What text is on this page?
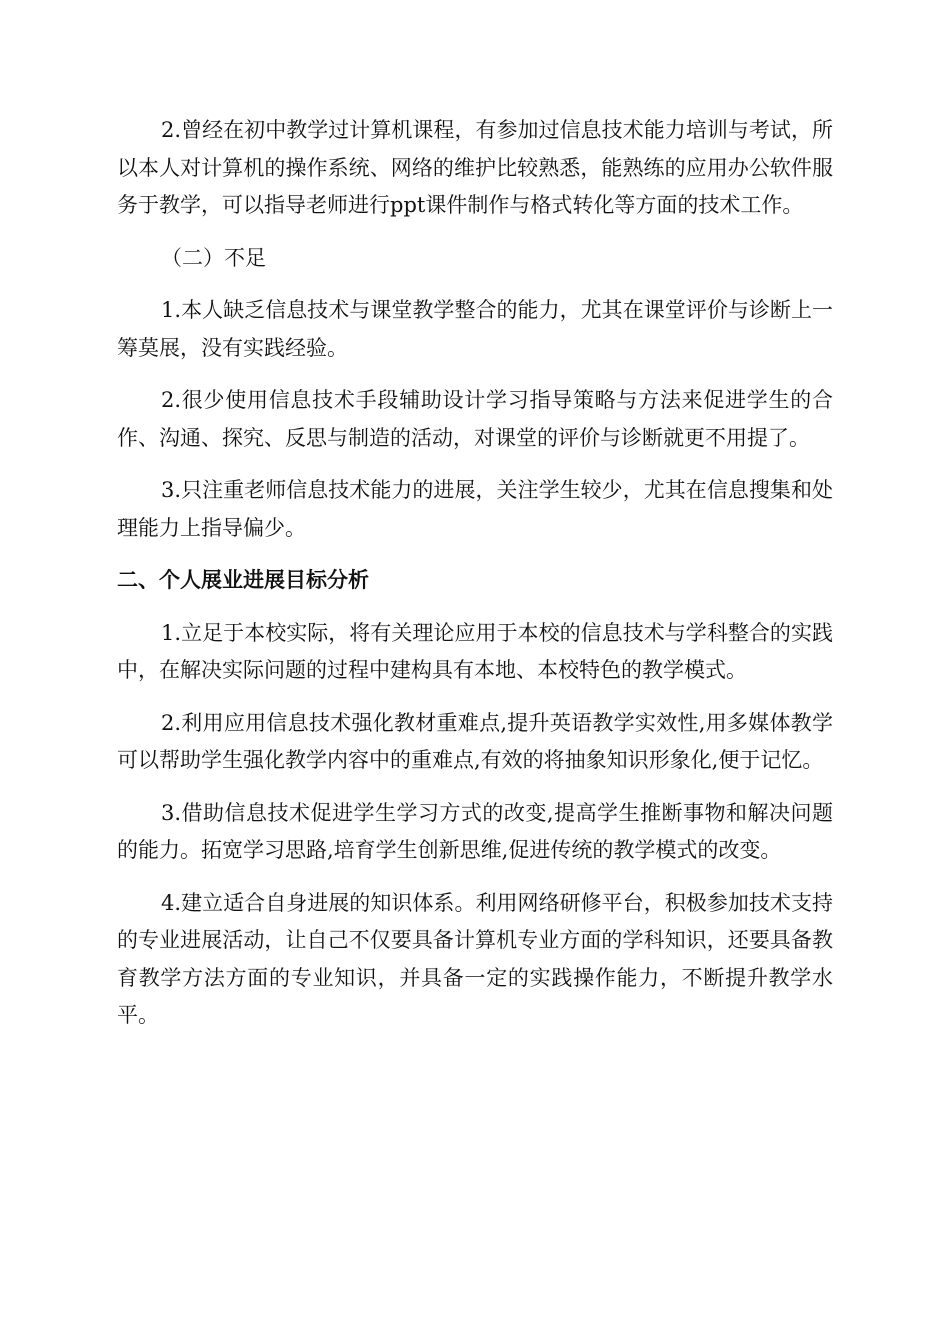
2.曾经在初中教学过计算机课程，有参加过信息技术能力培训与考试，所以本人对计算机的操作系统、网络的维护比较熟悉，能熟练的应用办公软件服务于教学，可以指导老师进行ppt课件制作与格式转化等方面的技术工作。

（二）不足

1.本人缺乏信息技术与课堂教学整合的能力，尤其在课堂评价与诊断上一筹莫展，没有实践经验。

2.很少使用信息技术手段辅助设计学习指导策略与方法来促进学生的合作、沟通、探究、反思与制造的活动，对课堂的评价与诊断就更不用提了。

3.只注重老师信息技术能力的进展，关注学生较少，尤其在信息搜集和处理能力上指导偏少。

二、个人展业进展目标分析

1.立足于本校实际，将有关理论应用于本校的信息技术与学科整合的实践中，在解决实际问题的过程中建构具有本地、本校特色的教学模式。

2.利用应用信息技术强化教材重难点,提升英语教学实效性,用多媒体教学可以帮助学生强化教学内容中的重难点,有效的将抽象知识形象化,便于记忆。

3.借助信息技术促进学生学习方式的改变,提高学生推断事物和解决问题的能力。拓宽学习思路,培育学生创新思维,促进传统的教学模式的改变。

4.建立适合自身进展的知识体系。利用网络研修平台，积极参加技术支持的专业进展活动，让自己不仅要具备计算机专业方面的学科知识，还要具备教育教学方法方面的专业知识，并具备一定的实践操作能力，不断提升教学水平。
